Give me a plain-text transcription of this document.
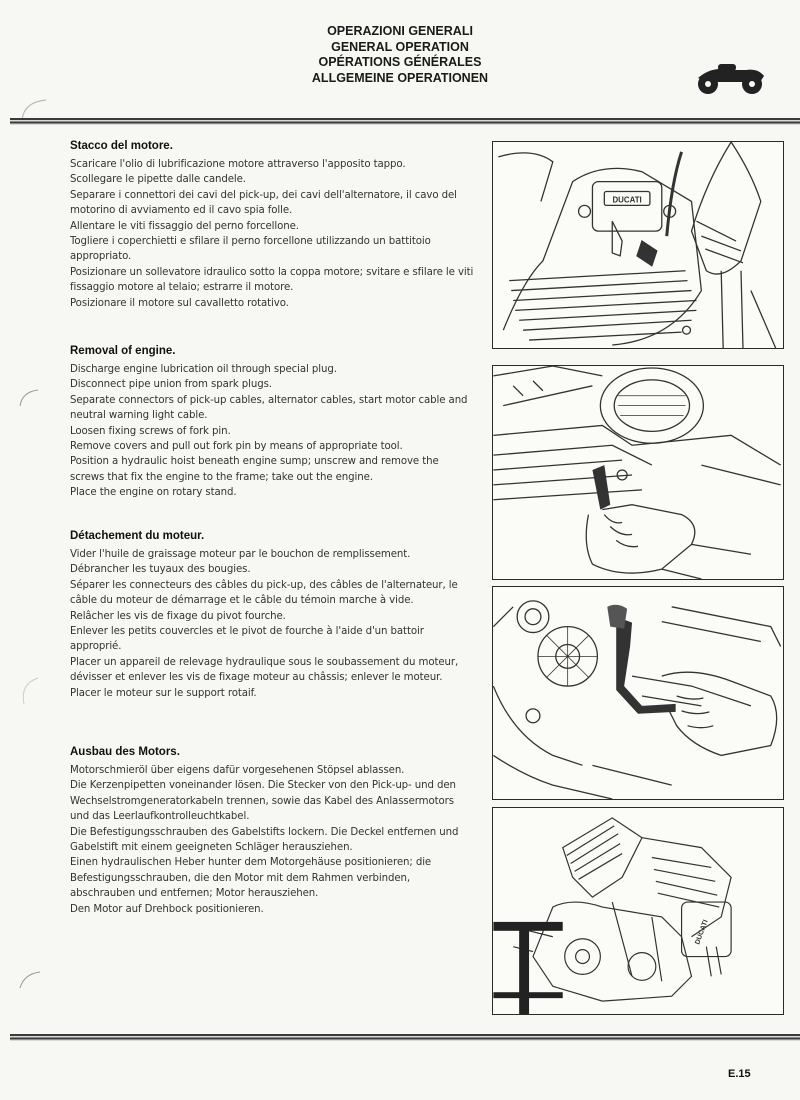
OPERAZIONI GENERALI
GENERAL OPERATION
OPÉRATIONS GÉNÉRALES
ALLGEMEINE OPERATIONEN
Stacco del motore.

Scaricare l'olio di lubrificazione motore attraverso l'apposito tappo.

Scollegare le pipette dalle candele.

Separare i connettori dei cavi del pick-up, dei cavi dell'alternatore, il cavo del motorino di avviamento ed il cavo spia folle.

Allentare le viti fissaggio del perno forcellone.

Togliere i coperchietti e sfilare il perno forcellone utilizzando un battitoio appropriato.

Posizionare un sollevatore idraulico sotto la coppa motore; svitare e sfilare le viti fissaggio motore al telaio; estrarre il motore.

Posizionare il motore sul cavalletto rotativo.

Removal of engine.

Discharge engine lubrication oil through special plug.

Disconnect pipe union from spark plugs.

Separate connectors of pick-up cables, alternator cables, start motor cable and neutral warning light cable.

Loosen fixing screws of fork pin.

Remove covers and pull out fork pin by means of appropriate tool.

Position a hydraulic hoist beneath engine sump; unscrew and remove the screws that fix the engine to the frame; take out the engine.

Place the engine on rotary stand.

Détachement du moteur.

Vider l'huile de graissage moteur par le bouchon de remplissement.

Débrancher les tuyaux des bougies.

Séparer les connecteurs des câbles du pick-up, des câbles de l'alternateur, le câble du moteur de démarrage et le câble du témoin marche à vide.

Relâcher les vis de fixage du pivot fourche.

Enlever les petits couvercles et le pivot de fourche à l'aide d'un battoir approprié.

Placer un appareil de relevage hydraulique sous le soubassement du moteur, dévisser et enlever les vis de fixage moteur au châssis; enlever le moteur.

Placer le moteur sur le support rotaif.

Ausbau des Motors.

Motorschmieröl über eigens dafür vorgesehenen Stöpsel ablassen.

Die Kerzenpipetten voneinander lösen. Die Stecker von den Pick-up- und den Wechselstromgeneratorkabeln trennen, sowie das Kabel des Anlassermotors und das Leerlaufkontrolleuchtkabel.

Die Befestigungsschrauben des Gabelstifts lockern. Die Deckel entfernen und Gabelstift mit einem geeigneten Schläger herausziehen.

Einen hydraulischen Heber hunter dem Motorgehäuse positionieren; die Befestigungsschrauben, die den Motor mit dem Rahmen verbinden, abschrauben und entfernen; Motor herausziehen.

Den Motor auf Drehbock positionieren.

DUCATI
DUCATI
E.15
